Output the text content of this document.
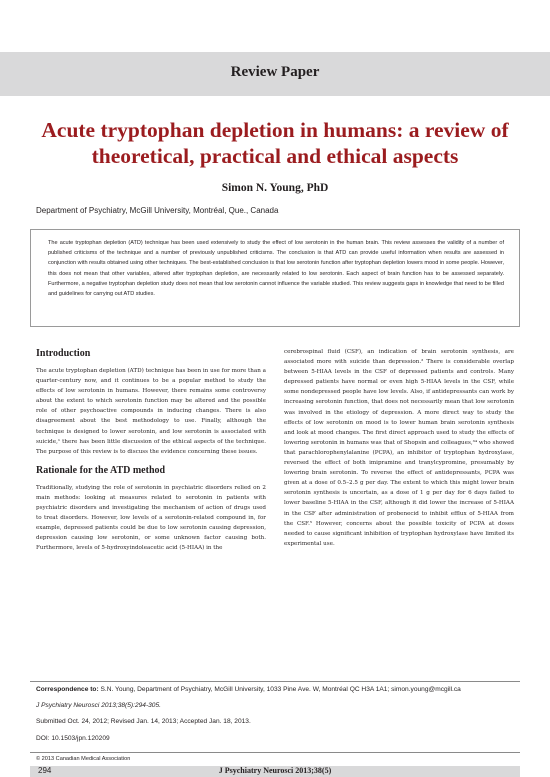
Review Paper
Acute tryptophan depletion in humans: a review of theoretical, practical and ethical aspects
Simon N. Young, PhD
Department of Psychiatry, McGill University, Montréal, Que., Canada

The acute tryptophan depletion (ATD) technique has been used extensively to study the effect of low serotonin in the human brain. This review assesses the validity of a number of published criticisms of the technique and a number of previously unpublished criticisms. The conclusion is that ATD can provide useful information when results are assessed in conjunction with results obtained using other techniques. The best-established conclusion is that low serotonin function after tryptophan depletion lowers mood in some people. However, this does not mean that other variables, altered after tryptophan depletion, are necessarily related to low serotonin. Each aspect of brain function has to be assessed separately. Furthermore, a negative tryptophan depletion study does not mean that low serotonin cannot influence the variable studied. This review suggests gaps in knowledge that need to be filled and guidelines for carrying out ATD studies.

Introduction

The acute tryptophan depletion (ATD) technique has been in use for more than a quarter-century now, and it continues to be a popular method to study the effects of low serotonin in humans. However, there remains some controversy about the extent to which serotonin function may be altered and the possible role of other psychoactive compounds in inducing changes. There is also disagreement about the best methodology to use. Finally, although the technique is designed to lower serotonin, and low serotonin is associated with suicide,¹ there has been little discussion of the ethical aspects of the technique. The purpose of this review is to discuss the evidence concerning these issues.

Rationale for the ATD method

Traditionally, studying the role of serotonin in psychiatric disorders relied on 2 main methods: looking at measures related to serotonin in patients with psychiatric disorders and investigating the mechanism of action of drugs used to treat disorders. However, low levels of a serotonin-related compound in, for example, depressed patients could be due to low serotonin causing depression, depression causing low serotonin, or some unknown factor causing both. Furthermore, levels of 5-hydroxyindoleacetic acid (5-HIAA) in the

cerebrospinal fluid (CSF), an indication of brain serotonin synthesis, are associated more with suicide than depression.² There is considerable overlap between 5-HIAA levels in the CSF of depressed patients and controls. Many depressed patients have normal or even high 5-HIAA levels in the CSF, while some nondepressed people have low levels. Also, if antidepressants can work by increasing serotonin function, that does not necessarily mean that low serotonin was involved in the etiology of depression. A more direct way to study the effects of low serotonin on mood is to lower human brain serotonin synthesis and look at mood changes. The first direct approach used to study the effects of lowering serotonin in humans was that of Shopsin and colleagues,³⁴ who showed that parachlorophenylalanine (PCPA), an inhibitor of tryptophan hydroxylase, reversed the effect of both imipramine and tranylcypromine, presumably by lowering brain serotonin. To reverse the effect of antidepressants, PCPA was given at a dose of 0.5–2.5 g per day. The extent to which this might lower brain serotonin synthesis is uncertain, as a dose of 1 g per day for 6 days failed to lower baseline 5-HIAA in the CSF, although it did lower the increase of 5-HIAA in the CSF after administration of probenecid to inhibit efflux of 5-HIAA from the CSF.⁵ However, concerns about the possible toxicity of PCPA at doses needed to cause significant inhibition of tryptophan hydroxylase have limited its experimental use.

Correspondence to: S.N. Young, Department of Psychiatry, McGill University, 1033 Pine Ave. W, Montréal QC H3A 1A1; simon.young@mcgill.ca

J Psychiatry Neurosci 2013;38(5):294-305.

Submitted Oct. 24, 2012; Revised Jan. 14, 2013; Accepted Jan. 18, 2013.

DOI: 10.1503/jpn.120209

© 2013 Canadian Medical Association
294	J Psychiatry Neurosci 2013;38(5)
